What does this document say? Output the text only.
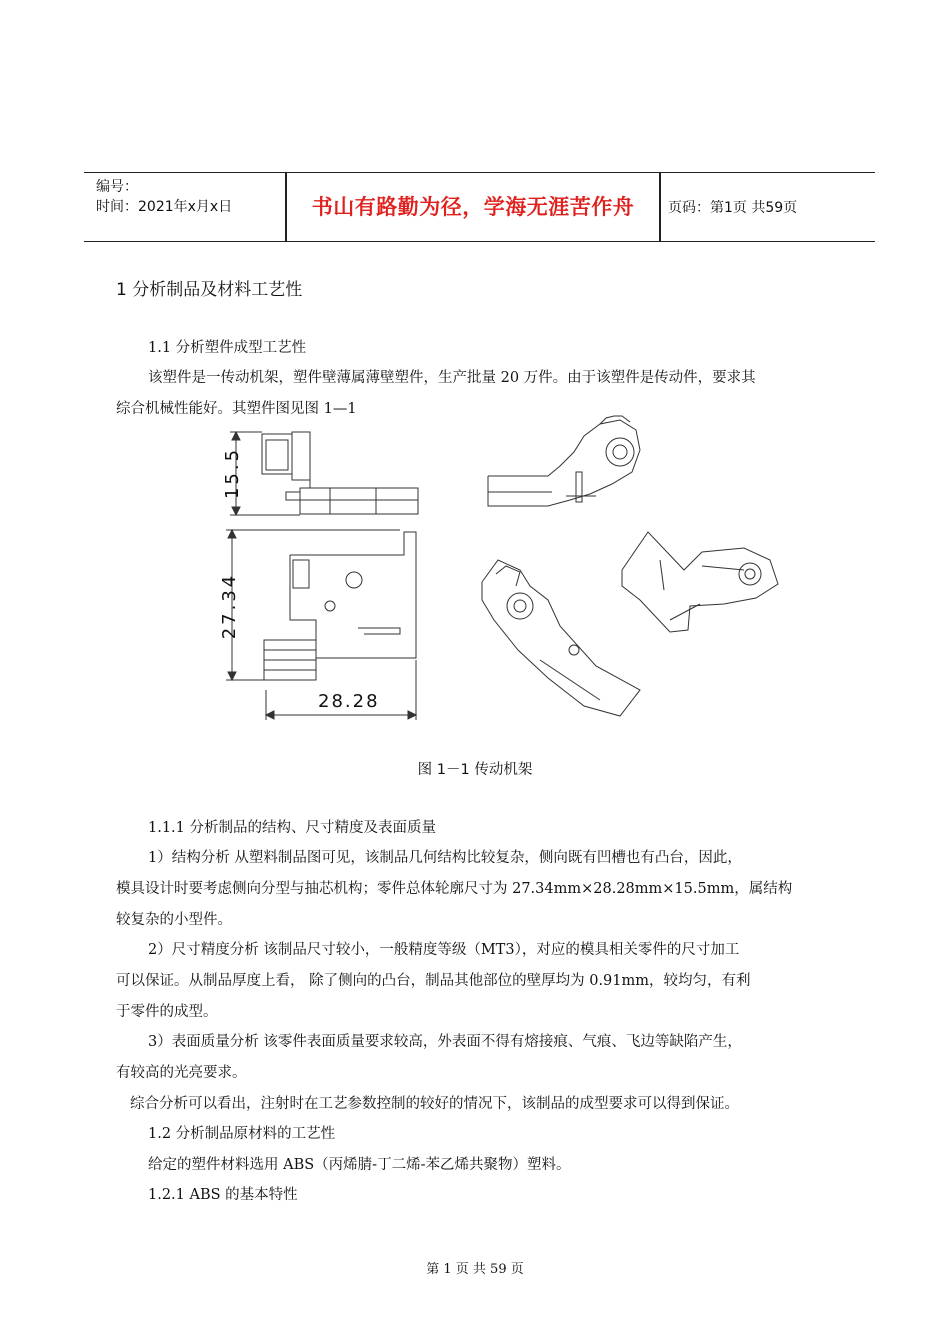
编号：
时间：2021年x月x日	书山有路勤为径，学海无涯苦作舟	页码：第1页 共59页
1 分析制品及材料工艺性
1.1 分析塑件成型工艺性
该塑件是一传动机架，塑件壁薄属薄壁塑件，生产批量 20 万件。由于该塑件是传动件，要求其
综合机械性能好。其塑件图见图 1—1
15.5
27.34
28.28
图 1－1 传动机架
1.1.1 分析制品的结构、尺寸精度及表面质量
1）结构分析 从塑料制品图可见，该制品几何结构比较复杂，侧向既有凹槽也有凸台，因此，
模具设计时要考虑侧向分型与抽芯机构；零件总体轮廓尺寸为 27.34mm×28.28mm×15.5mm，属结构
较复杂的小型件。
2）尺寸精度分析 该制品尺寸较小，一般精度等级（MT3），对应的模具相关零件的尺寸加工
可以保证。从制品厚度上看， 除了侧向的凸台，制品其他部位的壁厚均为 0.91mm，较均匀，有利
于零件的成型。
3）表面质量分析 该零件表面质量要求较高，外表面不得有熔接痕、气痕、飞边等缺陷产生，
有较高的光亮要求。
综合分析可以看出，注射时在工艺参数控制的较好的情况下，该制品的成型要求可以得到保证。
1.2 分析制品原材料的工艺性
给定的塑件材料选用 ABS（丙烯腈-丁二烯-苯乙烯共聚物）塑料。
1.2.1 ABS 的基本特性
第 1 页 共 59 页
